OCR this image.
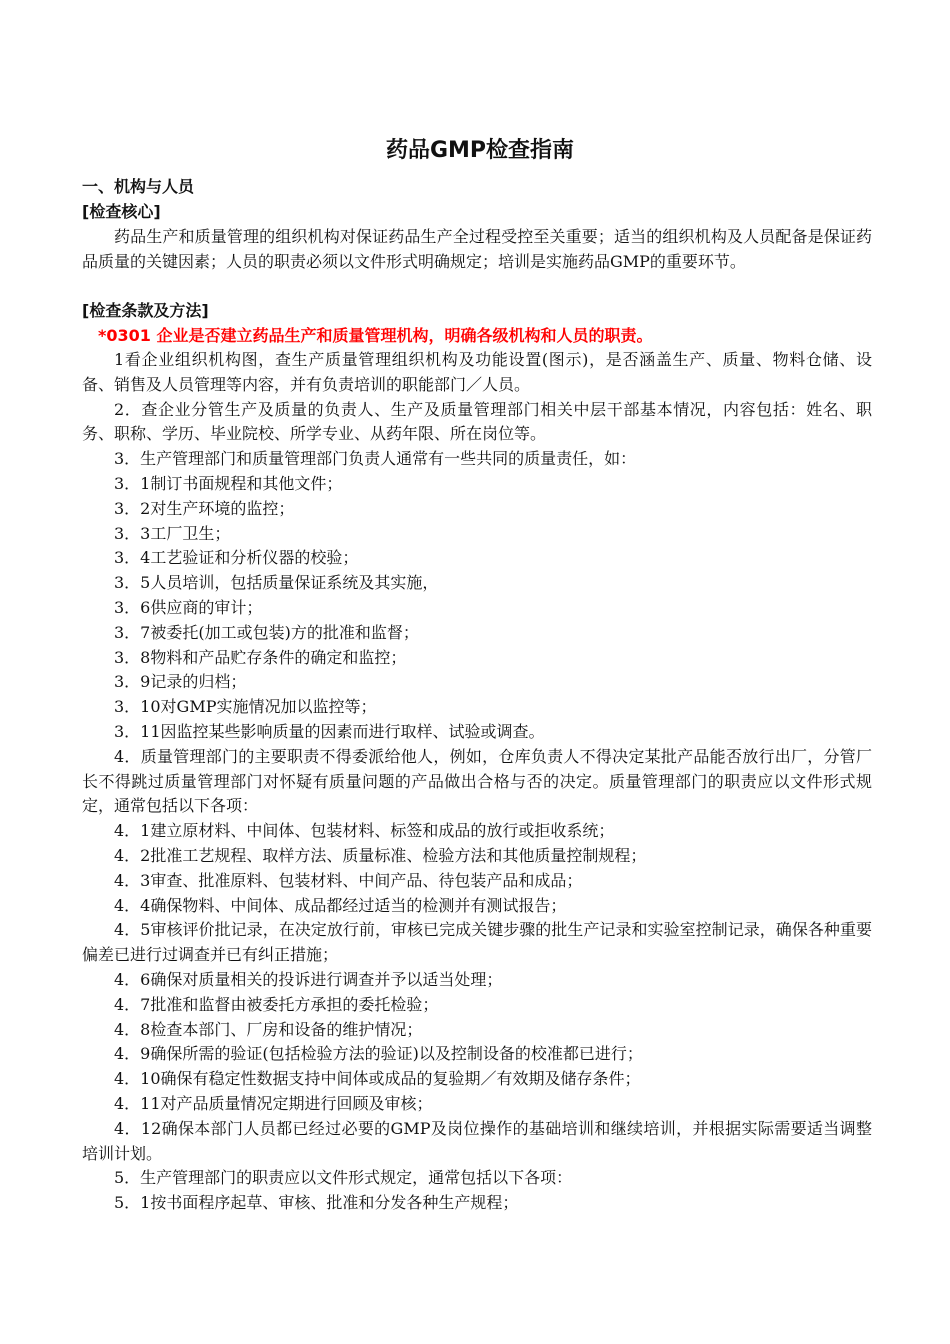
药品GMP检查指南

一、机构与人员

[检查核心]

药品生产和质量管理的组织机构对保证药品生产全过程受控至关重要；适当的组织机构及人员配备是保证药品质量的关键因素；人员的职责必须以文件形式明确规定；培训是实施药品GMP的重要环节。

[检查条款及方法]

*0301 企业是否建立药品生产和质量管理机构，明确各级机构和人员的职责。

1看企业组织机构图，查生产质量管理组织机构及功能设置(图示)，是否涵盖生产、质量、物料仓储、设备、销售及人员管理等内容，并有负责培训的职能部门／人员。

2．查企业分管生产及质量的负责人、生产及质量管理部门相关中层干部基本情况，内容包括：姓名、职务、职称、学历、毕业院校、所学专业、从药年限、所在岗位等。

3．生产管理部门和质量管理部门负责人通常有一些共同的质量责任，如：

3．1制订书面规程和其他文件；

3．2对生产环境的监控；

3．3工厂卫生；

3．4工艺验证和分析仪器的校验；

3．5人员培训，包括质量保证系统及其实施，

3．6供应商的审计；

3．7被委托(加工或包装)方的批准和监督；

3．8物料和产品贮存条件的确定和监控；

3．9记录的归档；

3．10对GMP实施情况加以监控等；

3．11因监控某些影响质量的因素而进行取样、试验或调查。

4．质量管理部门的主要职责不得委派给他人，例如，仓库负责人不得决定某批产品能否放行出厂，分管厂长不得跳过质量管理部门对怀疑有质量问题的产品做出合格与否的决定。质量管理部门的职责应以文件形式规定，通常包括以下各项：

4．1建立原材料、中间体、包装材料、标签和成品的放行或拒收系统；

4．2批准工艺规程、取样方法、质量标准、检验方法和其他质量控制规程；

4．3审查、批准原料、包装材料、中间产品、待包装产品和成品；

4．4确保物料、中间体、成品都经过适当的检测并有测试报告；

4．5审核评价批记录，在决定放行前，审核已完成关键步骤的批生产记录和实验室控制记录，确保各种重要偏差已进行过调查并已有纠正措施；

4．6确保对质量相关的投诉进行调查并予以适当处理；

4．7批准和监督由被委托方承担的委托检验；

4．8检查本部门、厂房和设备的维护情况；

4．9确保所需的验证(包括检验方法的验证)以及控制设备的校准都已进行；

4．10确保有稳定性数据支持中间体或成品的复验期／有效期及储存条件；

4．11对产品质量情况定期进行回顾及审核；

4．12确保本部门人员都已经过必要的GMP及岗位操作的基础培训和继续培训，并根据实际需要适当调整培训计划。

5．生产管理部门的职责应以文件形式规定，通常包括以下各项：

5．1按书面程序起草、审核、批准和分发各种生产规程；
